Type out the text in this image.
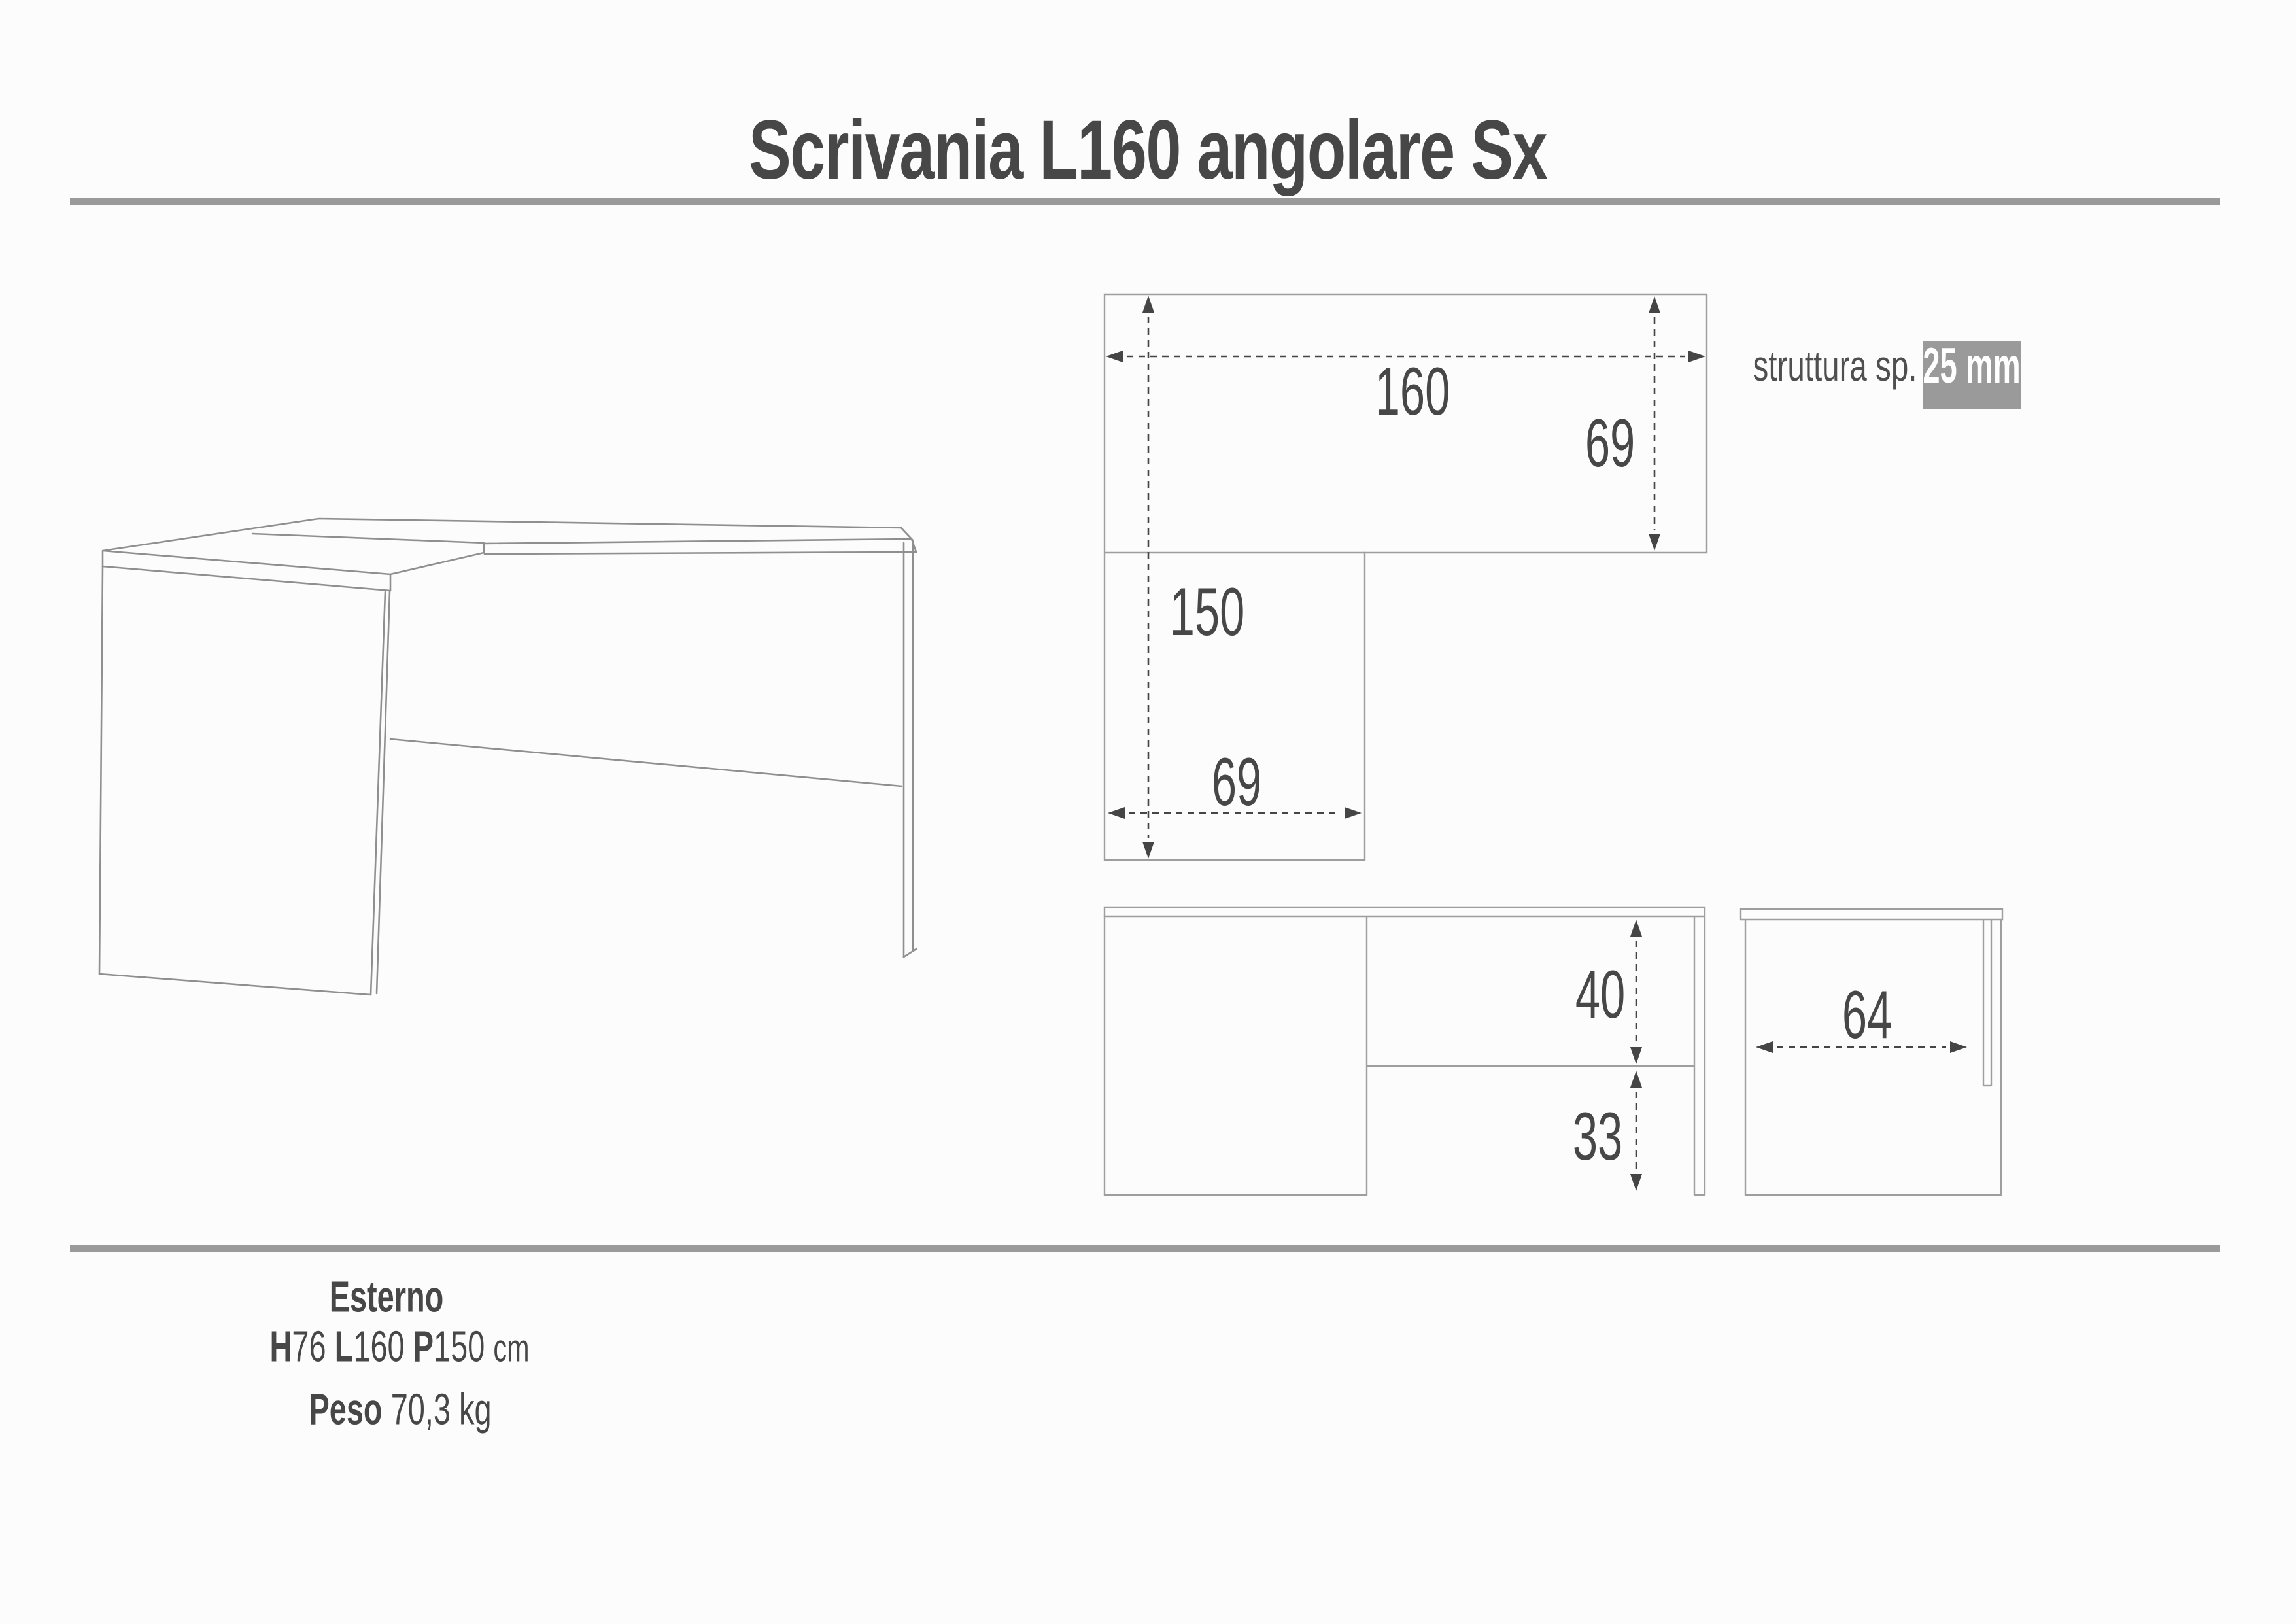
Scrivania L160 angolare Sx
struttura sp. 25 mm
160
69
150
69
40
33
64
Esterno
H76 L160 P150 cm
Peso 70,3 kg
